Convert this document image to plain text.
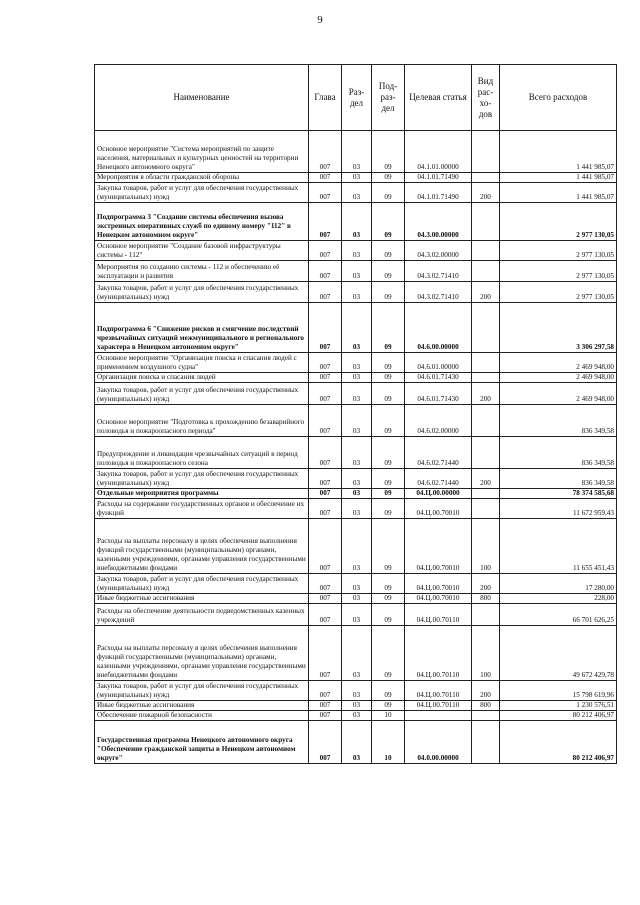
9
Наименование	Глава	Раз-дел	Под-раз-дел	Целевая статья	Вид рас-хо-дов	Всего расходов
Основное мероприятие "Система мероприятий по защите населения, материальных и культурных ценностей на территории Ненецкого автономного округа"	007	03	09	04.1.01.00000		1 441 985,07
Мероприятия в области гражданской обороны	007	03	09	04.1.01.71490		1 441 985,07
Закупка товаров, работ и услуг для обеспечения государственных (муниципальных) нужд	007	03	09	04.1.01.71490	200	1 441 985,07
Подпрограмма 3 "Создание системы обеспечения вызова экстренных оперативных служб по единому номеру "112" в Ненецком автономном округе"	007	03	09	04.3.00.00000		2 977 130,05
Основное мероприятие "Создание базовой инфраструктуры системы - 112"	007	03	09	04.3.02.00000		2 977 130,05
Мероприятия по созданию системы - 112 и обеспечению её эксплуатации и развития	007	03	09	04.3.02.71410		2 977 130,05
Закупка товаров, работ и услуг для обеспечения государственных (муниципальных) нужд	007	03	09	04.3.02.71410	200	2 977 130,05
Подпрограмма 6 "Снижение рисков и смягчение последствий чрезвычайных ситуаций межмуниципального и регионального характера в Ненецком автономном округе"	007	03	09	04.6.00.00000		3 306 297,58
Основное мероприятие "Организация поиска и спасания людей с применением воздушного судна"	007	03	09	04.6.01.00000		2 469 948,00
Организация поиска и спасания людей	007	03	09	04.6.01.71430		2 469 948,00
Закупка товаров, работ и услуг для обеспечения государственных (муниципальных) нужд	007	03	09	04.6.01.71430	200	2 469 948,00
Основное мероприятие "Подготовка к прохождению безаварийного половодья и пожароопасного периода"	007	03	09	04.6.02.00000		836 349,58
Предупреждение и ликвидация чрезвычайных ситуаций в период половодья и пожароопасного сезона	007	03	09	04.6.02.71440		836 349,58
Закупка товаров, работ и услуг для обеспечения государственных (муниципальных) нужд	007	03	09	04.6.02.71440	200	836 349,58
Отдельные мероприятия программы	007	03	09	04.Ц.00.00000		78 374 585,68
Расходы на содержание государственных органов и обеспечение их функций	007	03	09	04.Ц.00.70010		11 672 959,43
Расходы на выплаты персоналу в целях обеспечения выполнения функций государственными (муниципальными) органами, казенными учреждениями, органами управления государственными внебюджетными фондами	007	03	09	04.Ц.00.70010	100	11 655 451,43
Закупка товаров, работ и услуг для обеспечения государственных (муниципальных) нужд	007	03	09	04.Ц.00.70010	200	17 280,00
Иные бюджетные ассигнования	007	03	09	04.Ц.00.70010	800	228,00
Расходы на обеспечение деятельности подведомственных казенных учреждений	007	03	09	04.Ц.00.70110		66 701 626,25
Расходы на выплаты персоналу в целях обеспечения выполнения функций государственными (муниципальными) органами, казенными учреждениями, органами управления государственными внебюджетными фондами	007	03	09	04.Ц.00.70110	100	49 672 429,78
Закупка товаров, работ и услуг для обеспечения государственных (муниципальных) нужд	007	03	09	04.Ц.00.70110	200	15 798 619,96
Иные бюджетные ассигнования	007	03	09	04.Ц.00.70110	800	1 230 576,51
Обеспечение пожарной безопасности	007	03	10			80 212 406,97
Государственная программа Ненецкого автономного округа "Обеспечение гражданской защиты в Ненецком автономном округе"	007	03	10	04.0.00.00000		80 212 406,97
